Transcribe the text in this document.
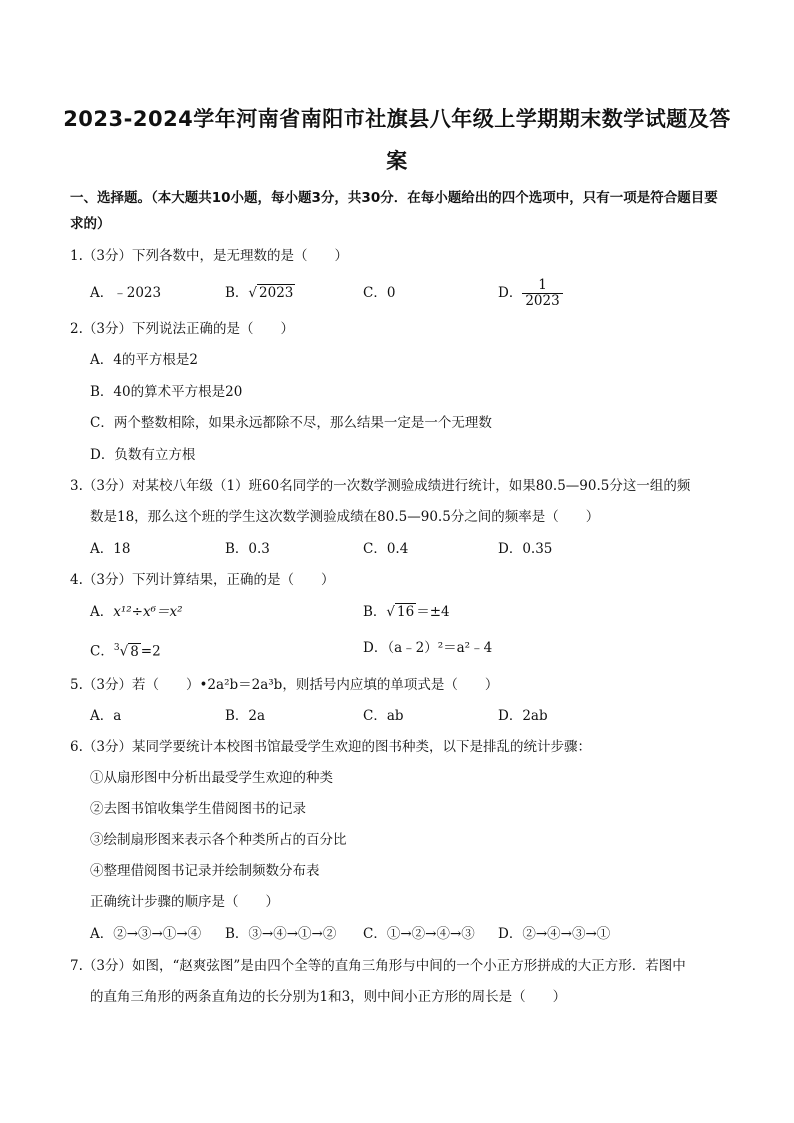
2023-2024学年河南省南阳市社旗县八年级上学期期末数学试题及答
案
一、选择题。（本大题共10小题，每小题3分，共30分．在每小题给出的四个选项中，只有一项是符合题目要求的）
1.（3分）下列各数中，是无理数的是（　　）
A．﹣2023	B．√ 2023	C．0	D． $\frac{1}{2023}$
2.（3分）下列说法正确的是（　　）
A．4的平方根是2
B．40的算术平方根是20
C．两个整数相除，如果永远都除不尽，那么结果一定是一个无理数
D．负数有立方根
3.（3分）对某校八年级（1）班60名同学的一次数学测验成绩进行统计，如果80.5—90.5分这一组的频
数是18，那么这个班的学生这次数学测验成绩在80.5—90.5分之间的频率是（　　）
A．18	B．0.3	C．0.4	D．0.35
4.（3分）下列计算结果，正确的是（　　）
A．x¹²÷x⁶＝x²	B．√ 16 ＝±4
C．$^3$√ 8 =2	D．（a﹣2）²＝a²﹣4
5.（3分）若（　　）•2a²b＝2a³b，则括号内应填的单项式是（　　）
A．a	B．2a	C．ab	D．2ab
6.（3分）某同学要统计本校图书馆最受学生欢迎的图书种类，以下是排乱的统计步骤：
①从扇形图中分析出最受学生欢迎的种类
②去图书馆收集学生借阅图书的记录
③绘制扇形图来表示各个种类所占的百分比
④整理借阅图书记录并绘制频数分布表
正确统计步骤的顺序是（　　）
A．②→③→①→④ B．③→④→①→② C．①→②→④→③ D．②→④→③→①
7.（3分）如图，“赵爽弦图”是由四个全等的直角三角形与中间的一个小正方形拼成的大正方形．若图中
的直角三角形的两条直角边的长分别为1和3，则中间小正方形的周长是（　　）
